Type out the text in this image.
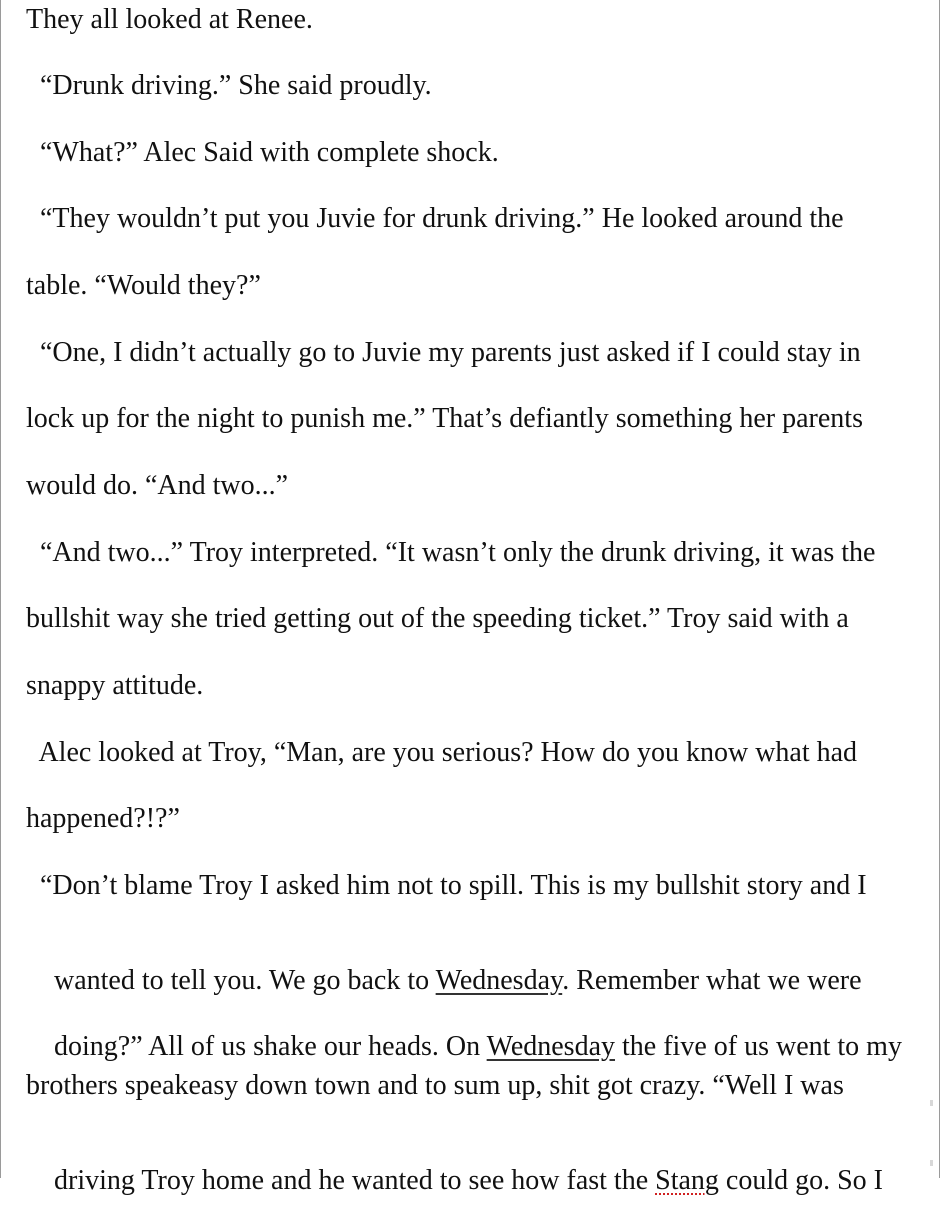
They all looked at Renee.
“Drunk driving.” She said proudly.
“What?” Alec Said with complete shock.
“They wouldn’t put you Juvie for drunk driving.” He looked around the
table. “Would they?”
“One, I didn’t actually go to Juvie my parents just asked if I could stay in
lock up for the night to punish me.” That’s defiantly something her parents
would do. “And two...”
“And two...” Troy interpreted. “It wasn’t only the drunk driving, it was the
bullshit way she tried getting out of the speeding ticket.” Troy said with a
snappy attitude.
Alec looked at Troy, “Man, are you serious? How do you know what had
happened?!?”
“Don’t blame Troy I asked him not to spill. This is my bullshit story and I

wanted to tell you. We go back to Wednesday. Remember what we were

doing?” All of us shake our heads. On Wednesday the five of us went to my

brothers speakeasy down town and to sum up, shit got crazy. “Well I was

driving Troy home and he wanted to see how fast the Stang could go. So I
